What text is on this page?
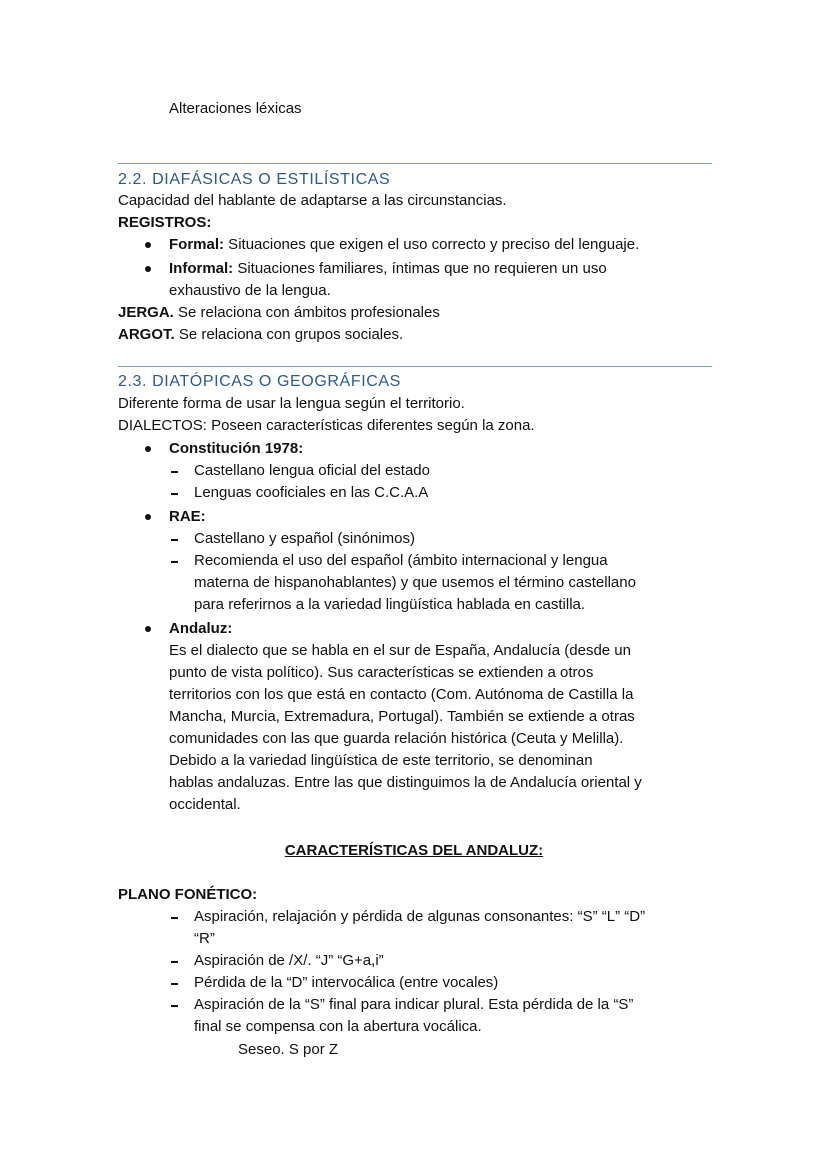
Alteraciones léxicas
2.2. DIAFÁSICAS O ESTILÍSTICAS
Capacidad del hablante de adaptarse a las circunstancias.
REGISTROS:
Formal: Situaciones que exigen el uso correcto y preciso del lenguaje.
Informal: Situaciones familiares, íntimas que no requieren un uso
exhaustivo de la lengua.
JERGA. Se relaciona con ámbitos profesionales
ARGOT. Se relaciona con grupos sociales.
2.3. DIATÓPICAS O GEOGRÁFICAS
Diferente forma de usar la lengua según el territorio.
DIALECTOS: Poseen características diferentes según la zona.
Constitución 1978:
Castellano lengua oficial del estado
Lenguas cooficiales en las C.C.A.A
RAE:
Castellano y español (sinónimos)
Recomienda el uso del español (ámbito internacional y lengua
materna de hispanohablantes) y que usemos el término castellano
para referirnos a la variedad lingüística hablada en castilla.
Andaluz:
Es el dialecto que se habla en el sur de España, Andalucía (desde un
punto de vista político). Sus características se extienden a otros
territorios con los que está en contacto (Com. Autónoma de Castilla la
Mancha, Murcia, Extremadura, Portugal). También se extiende a otras
comunidades con las que guarda relación histórica (Ceuta y Melilla).
Debido a la variedad lingüística de este territorio, se denominan
hablas andaluzas. Entre las que distinguimos la de Andalucía oriental y
occidental.
CARACTERÍSTICAS DEL ANDALUZ:
PLANO FONÉTICO:
Aspiración, relajación y pérdida de algunas consonantes: “S” “L” “D”
“R”
Aspiración de /X/. “J” “G+a,i”
Pérdida de la “D” intervocálica (entre vocales)
Aspiración de la “S” final para indicar plural. Esta pérdida de la “S”
final se compensa con la abertura vocálica.
Seseo. S por Z
